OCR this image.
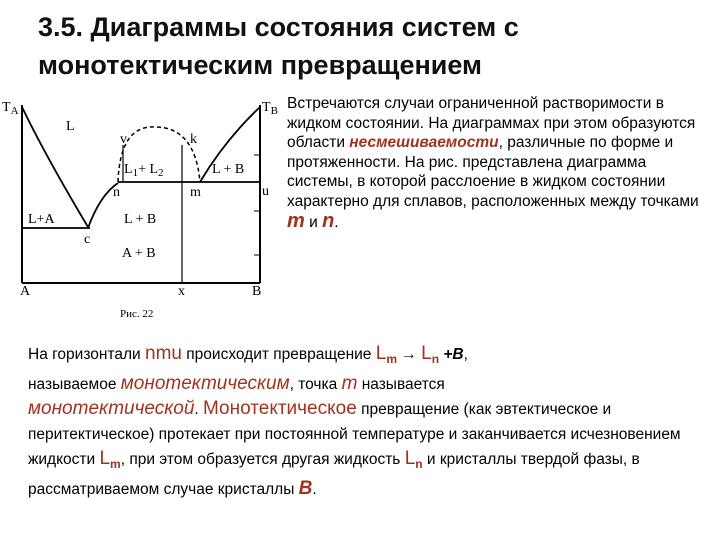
3.5. Диаграммы состояния систем с
монотектическим превращением
$T_A$	$T_B$
L
v	k
$L_1+ L_2$	L + B
n	m	u
L+A	L + B
c
A + B
A	x	B
Рис. 22
Встречаются случаи ограниченной растворимости в жидком состоянии. На диаграммах при этом образуются области несмешиваемости, различные по форме и протяженности. На рис. представлена диаграмма системы, в которой расслоение в жидком состоянии характерно для сплавов, расположенных между точками m и n.
На горизонтали nmu происходит превращение $L_m \to L_n +B$,
называемое монотектическим, точка m называется
монотектической. Монотектическое превращение (как эвтектическое и перитектическое) протекает при постоянной температуре и заканчивается исчезновением жидкости $L_m$, при этом образуется другая жидкость $L_n$ и кристаллы твердой фазы, в рассматриваемом случае кристаллы B.
